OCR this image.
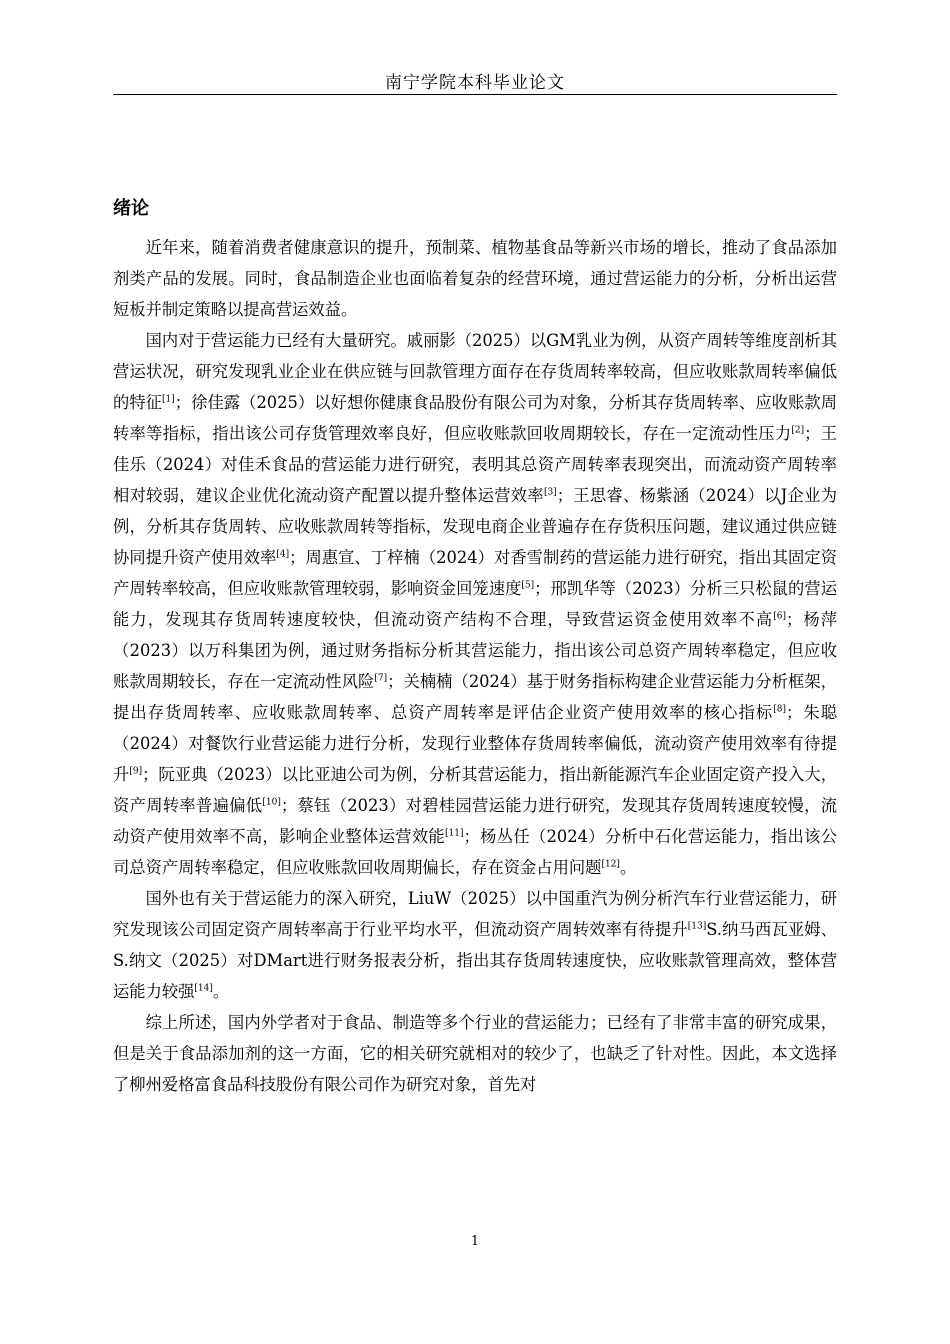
南宁学院本科毕业论文
绪论

近年来，随着消费者健康意识的提升，预制菜、植物基食品等新兴市场的增长，推动了食品添加剂类产品的发展。同时，食品制造企业也面临着复杂的经营环境，通过营运能力的分析，分析出运营短板并制定策略以提高营运效益。

国内对于营运能力已经有大量研究。戚丽影（2025）以GM乳业为例，从资产周转等维度剖析其营运状况，研究发现乳业企业在供应链与回款管理方面存在存货周转率较高，但应收账款周转率偏低的特征[1]；徐佳露（2025）以好想你健康食品股份有限公司为对象，分析其存货周转率、应收账款周转率等指标，指出该公司存货管理效率良好，但应收账款回收周期较长，存在一定流动性压力[2]；王佳乐（2024）对佳禾食品的营运能力进行研究，表明其总资产周转率表现突出，而流动资产周转率相对较弱，建议企业优化流动资产配置以提升整体运营效率[3]；王思睿、杨紫涵（2024）以J企业为例，分析其存货周转、应收账款周转等指标，发现电商企业普遍存在存货积压问题，建议通过供应链协同提升资产使用效率[4]；周惠宣、丁梓楠（2024）对香雪制药的营运能力进行研究，指出其固定资产周转率较高，但应收账款管理较弱，影响资金回笼速度[5]；邢凯华等（2023）分析三只松鼠的营运能力，发现其存货周转速度较快，但流动资产结构不合理，导致营运资金使用效率不高[6]；杨萍（2023）以万科集团为例，通过财务指标分析其营运能力，指出该公司总资产周转率稳定，但应收账款周期较长，存在一定流动性风险[7]；关楠楠（2024）基于财务指标构建企业营运能力分析框架，提出存货周转率、应收账款周转率、总资产周转率是评估企业资产使用效率的核心指标[8]；朱聪（2024）对餐饮行业营运能力进行分析，发现行业整体存货周转率偏低，流动资产使用效率有待提升[9]；阮亚典（2023）以比亚迪公司为例，分析其营运能力，指出新能源汽车企业固定资产投入大，资产周转率普遍偏低[10]；蔡钰（2023）对碧桂园营运能力进行研究，发现其存货周转速度较慢，流动资产使用效率不高，影响企业整体运营效能[11]；杨丛任（2024）分析中石化营运能力，指出该公司总资产周转率稳定，但应收账款回收周期偏长，存在资金占用问题[12]。

国外也有关于营运能力的深入研究，LiuW（2025）以中国重汽为例分析汽车行业营运能力，研究发现该公司固定资产周转率高于行业平均水平，但流动资产周转效率有待提升[13]S.纳马西瓦亚姆、S.纳文（2025）对DMart进行财务报表分析，指出其存货周转速度快，应收账款管理高效，整体营运能力较强[14]。

综上所述，国内外学者对于食品、制造等多个行业的营运能力；已经有了非常丰富的研究成果，但是关于食品添加剂的这一方面，它的相关研究就相对的较少了，也缺乏了针对性。因此，本文选择了柳州爱格富食品科技股份有限公司作为研究对象，首先对

1
